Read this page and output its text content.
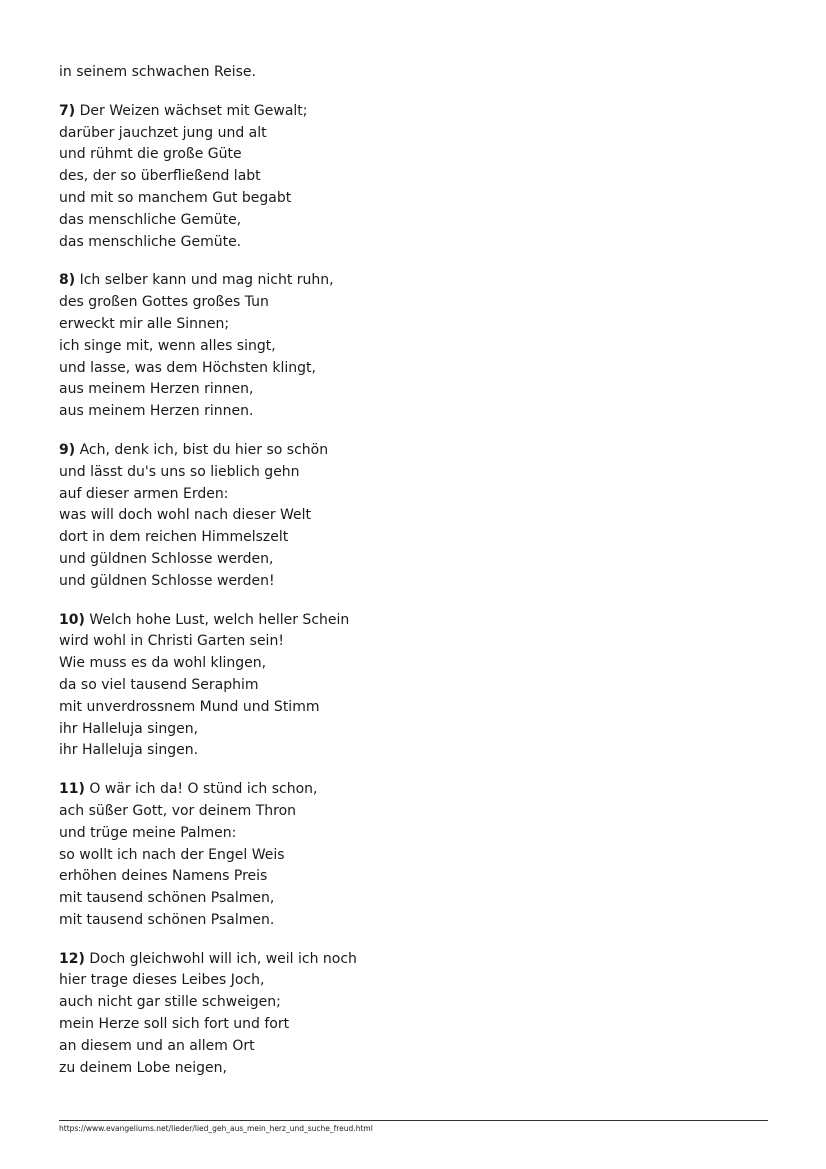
in seinem schwachen Reise.
7) Der Weizen wächset mit Gewalt;
darüber jauchzet jung und alt
und rühmt die große Güte
des, der so überfließend labt
und mit so manchem Gut begabt
das menschliche Gemüte,
das menschliche Gemüte.
8) Ich selber kann und mag nicht ruhn,
des großen Gottes großes Tun
erweckt mir alle Sinnen;
ich singe mit, wenn alles singt,
und lasse, was dem Höchsten klingt,
aus meinem Herzen rinnen,
aus meinem Herzen rinnen.
9) Ach, denk ich, bist du hier so schön
und lässt du's uns so lieblich gehn
auf dieser armen Erden:
was will doch wohl nach dieser Welt
dort in dem reichen Himmelszelt
und güldnen Schlosse werden,
und güldnen Schlosse werden!
10) Welch hohe Lust, welch heller Schein
wird wohl in Christi Garten sein!
Wie muss es da wohl klingen,
da so viel tausend Seraphim
mit unverdrossnem Mund und Stimm
ihr Halleluja singen,
ihr Halleluja singen.
11) O wär ich da! O stünd ich schon,
ach süßer Gott, vor deinem Thron
und trüge meine Palmen:
so wollt ich nach der Engel Weis
erhöhen deines Namens Preis
mit tausend schönen Psalmen,
mit tausend schönen Psalmen.
12) Doch gleichwohl will ich, weil ich noch
hier trage dieses Leibes Joch,
auch nicht gar stille schweigen;
mein Herze soll sich fort und fort
an diesem und an allem Ort
zu deinem Lobe neigen,
https://www.evangeliums.net/lieder/lied_geh_aus_mein_herz_und_suche_freud.html
